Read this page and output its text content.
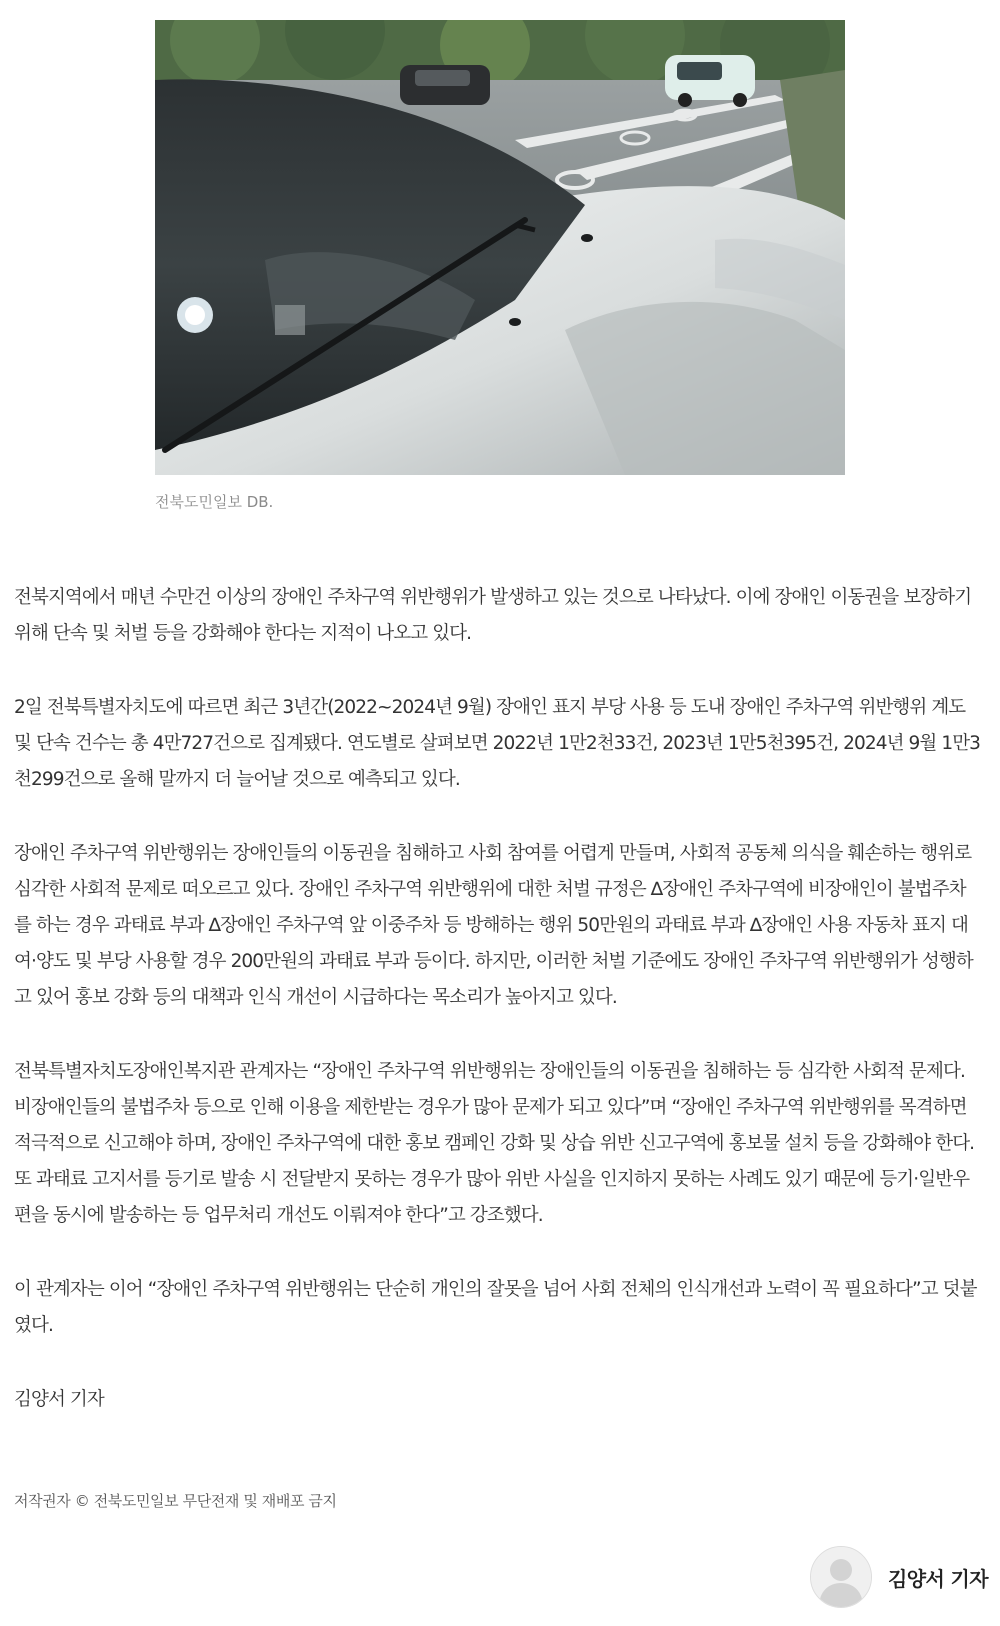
전북도민일보 DB.

전북지역에서 매년 수만건 이상의 장애인 주차구역 위반행위가 발생하고 있는 것으로 나타났다. 이에 장애인 이동권을 보장하기 위해 단속 및 처벌 등을 강화해야 한다는 지적이 나오고 있다.

2일 전북특별자치도에 따르면 최근 3년간(2022~2024년 9월) 장애인 표지 부당 사용 등 도내 장애인 주차구역 위반행위 계도 및 단속 건수는 총 4만727건으로 집계됐다. 연도별로 살펴보면 2022년 1만2천33건, 2023년 1만5천395건, 2024년 9월 1만3천299건으로 올해 말까지 더 늘어날 것으로 예측되고 있다.

장애인 주차구역 위반행위는 장애인들의 이동권을 침해하고 사회 참여를 어렵게 만들며, 사회적 공동체 의식을 훼손하는 행위로 심각한 사회적 문제로 떠오르고 있다. 장애인 주차구역 위반행위에 대한 처벌 규정은 ∆장애인 주차구역에 비장애인이 불법주차를 하는 경우 과태료 부과 ∆장애인 주차구역 앞 이중주차 등 방해하는 행위 50만원의 과태료 부과 ∆장애인 사용 자동차 표지 대여·양도 및 부당 사용할 경우 200만원의 과태료 부과 등이다. 하지만, 이러한 처벌 기준에도 장애인 주차구역 위반행위가 성행하고 있어 홍보 강화 등의 대책과 인식 개선이 시급하다는 목소리가 높아지고 있다.

전북특별자치도장애인복지관 관계자는 “장애인 주차구역 위반행위는 장애인들의 이동권을 침해하는 등 심각한 사회적 문제다. 비장애인들의 불법주차 등으로 인해 이용을 제한받는 경우가 많아 문제가 되고 있다”며 “장애인 주차구역 위반행위를 목격하면 적극적으로 신고해야 하며, 장애인 주차구역에 대한 홍보 캠페인 강화 및 상습 위반 신고구역에 홍보물 설치 등을 강화해야 한다. 또 과태료 고지서를 등기로 발송 시 전달받지 못하는 경우가 많아 위반 사실을 인지하지 못하는 사례도 있기 때문에 등기·일반우편을 동시에 발송하는 등 업무처리 개선도 이뤄져야 한다”고 강조했다.

이 관계자는 이어 “장애인 주차구역 위반행위는 단순히 개인의 잘못을 넘어 사회 전체의 인식개선과 노력이 꼭 필요하다”고 덧붙였다.

김양서 기자

저작권자 © 전북도민일보 무단전재 및 재배포 금지
김양서 기자
